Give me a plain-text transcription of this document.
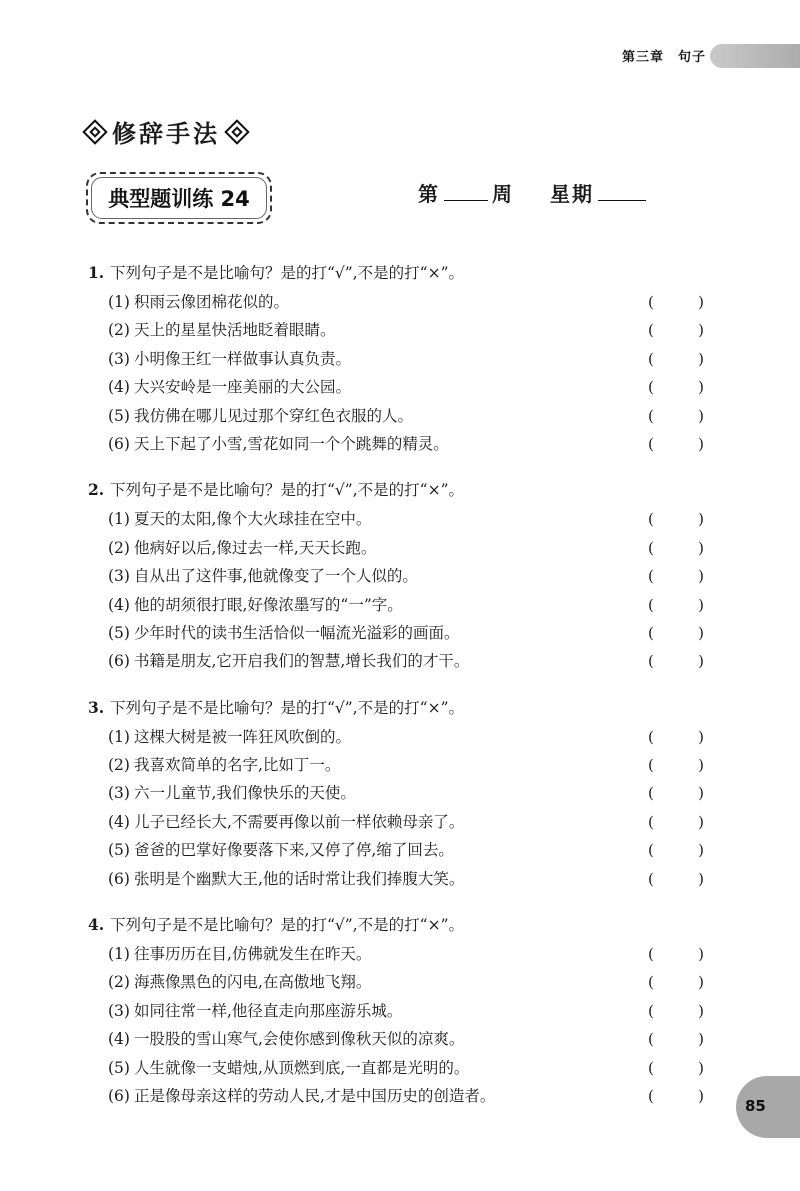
第三章　句子
修辞手法
典型题训练 24	第	周 星期
1. 下列句子是不是比喻句？是的打“√”,不是的打“×”。
(1) 积雨云像团棉花似的。	(	)
(2) 天上的星星快活地眨着眼睛。	(	)
(3) 小明像王红一样做事认真负责。	(	)
(4) 大兴安岭是一座美丽的大公园。	(	)
(5) 我仿佛在哪儿见过那个穿红色衣服的人。	(	)
(6) 天上下起了小雪,雪花如同一个个跳舞的精灵。	(	)
2. 下列句子是不是比喻句？是的打“√”,不是的打“×”。
(1) 夏天的太阳,像个大火球挂在空中。	(	)
(2) 他病好以后,像过去一样,天天长跑。	(	)
(3) 自从出了这件事,他就像变了一个人似的。	(	)
(4) 他的胡须很打眼,好像浓墨写的“一”字。	(	)
(5) 少年时代的读书生活恰似一幅流光溢彩的画面。	(	)
(6) 书籍是朋友,它开启我们的智慧,增长我们的才干。	(	)
3. 下列句子是不是比喻句？是的打“√”,不是的打“×”。
(1) 这棵大树是被一阵狂风吹倒的。	(	)
(2) 我喜欢简单的名字,比如丁一。	(	)
(3) 六一儿童节,我们像快乐的天使。	(	)
(4) 儿子已经长大,不需要再像以前一样依赖母亲了。	(	)
(5) 爸爸的巴掌好像要落下来,又停了停,缩了回去。	(	)
(6) 张明是个幽默大王,他的话时常让我们捧腹大笑。	(	)
4. 下列句子是不是比喻句？是的打“√”,不是的打“×”。
(1) 往事历历在目,仿佛就发生在昨天。	(	)
(2) 海燕像黑色的闪电,在高傲地飞翔。	(	)
(3) 如同往常一样,他径直走向那座游乐城。	(	)
(4) 一股股的雪山寒气,会使你感到像秋天似的凉爽。	(	)
(5) 人生就像一支蜡烛,从顶燃到底,一直都是光明的。	(	)
(6) 正是像母亲这样的劳动人民,才是中国历史的创造者。	(	)
85
